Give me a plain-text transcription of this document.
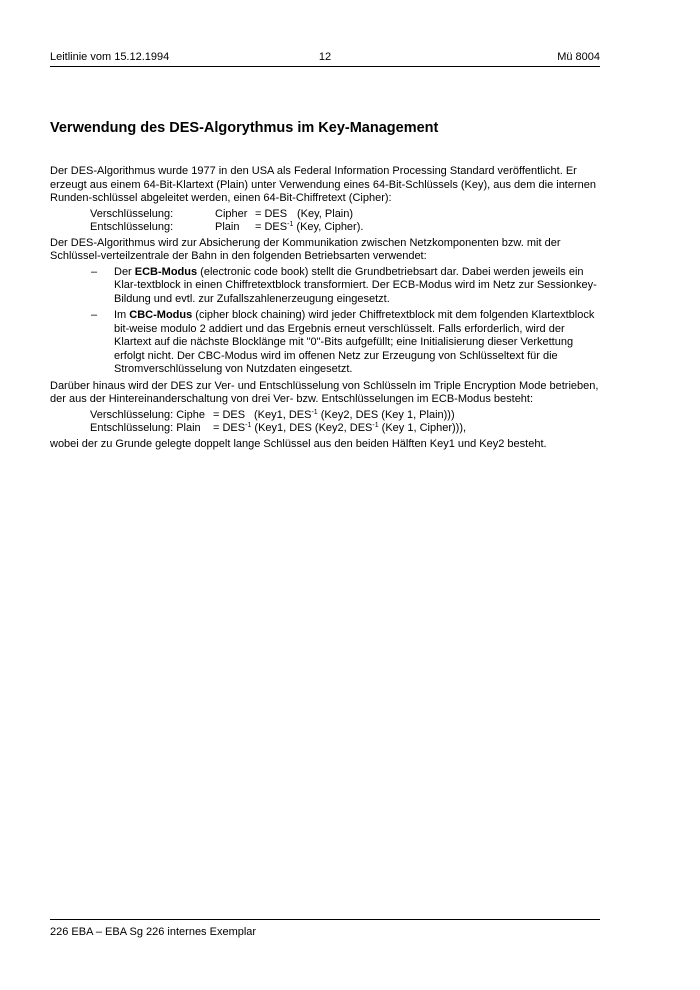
Leitlinie vom 15.12.1994	12	Mü 8004
Verwendung des DES-Algorythmus im Key-Management

Der DES-Algorithmus wurde 1977 in den USA als Federal Information Processing Standard veröffentlicht. Er erzeugt aus einem 64-Bit-Klartext (Plain) unter Verwendung eines 64-Bit-Schlüssels (Key), aus dem die internen Runden-schlüssel abgeleitet werden, einen 64-Bit-Chiffretext (Cipher):

Verschlüsselung:	Cipher = DES (Key, Plain)
Entschlüsselung:	Plain = $DES^{-1}$ (Key, Cipher).

Der DES-Algorithmus wird zur Absicherung der Kommunikation zwischen Netzkomponenten bzw. mit der Schlüssel-verteilzentrale der Bahn in den folgenden Betriebsarten verwendet:

– Der ECB-Modus (electronic code book) stellt die Grundbetriebsart dar. Dabei werden jeweils ein Klar-textblock in einen Chiffretextblock transformiert. Der ECB-Modus wird im Netz zur Sessionkey-Bildung und evtl. zur Zufallszahlenerzeugung eingesetzt.
– Im CBC-Modus (cipher block chaining) wird jeder Chiffretextblock mit dem folgenden Klartextblock bit-weise modulo 2 addiert und das Ergebnis erneut verschlüsselt. Falls erforderlich, wird der Klartext auf die nächste Blocklänge mit "0"-Bits aufgefüllt; eine Initialisierung dieser Verkettung erfolgt nicht. Der CBC-Modus wird im offenen Netz zur Erzeugung von Schlüsseltext für die Stromverschlüsselung von Nutzdaten eingesetzt.

Darüber hinaus wird der DES zur Ver- und Entschlüsselung von Schlüsseln im Triple Encryption Mode betrieben, der aus der Hintereinanderschaltung von drei Ver- bzw. Entschlüsselungen im ECB-Modus besteht:

Verschlüsselung: Ciphe = DES (Key1, $DES^{-1}$ (Key2, DES (Key 1, Plain)))
Entschlüsselung: Plain = $DES^{-1}$ (Key1, DES (Key2, $DES^{-1}$ (Key 1, Cipher))),

wobei der zu Grunde gelegte doppelt lange Schlüssel aus den beiden Hälften Key1 und Key2 besteht.

226 EBA – EBA Sg 226 internes Exemplar
